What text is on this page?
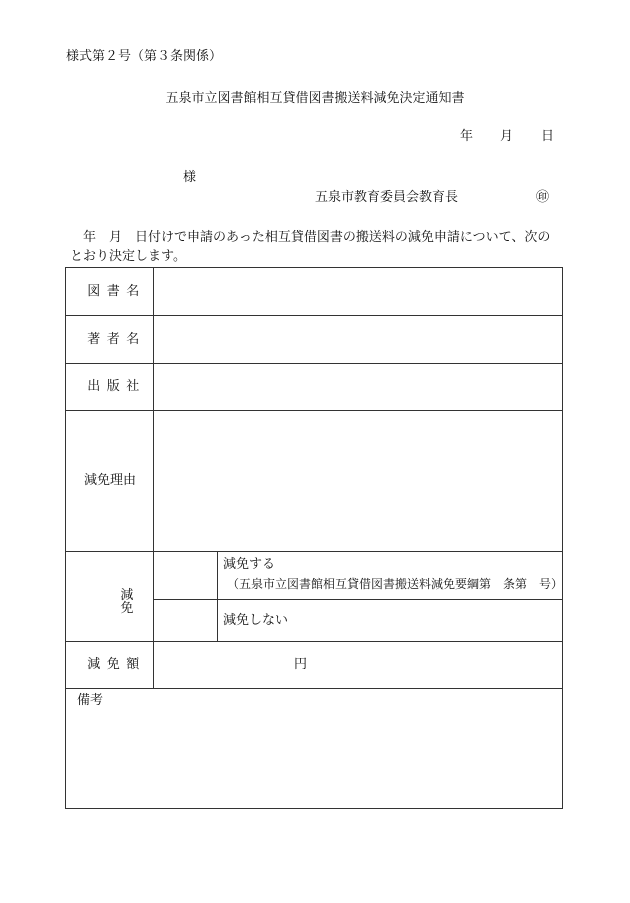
様式第２号（第３条関係）
五泉市立図書館相互貸借図書搬送料減免決定通知書
年 月 日
様
五泉市教育委員会教育長	㊞
　年　月　日付けで申請のあった相互貸借図書の搬送料の減免申請について、次の
とおり決定します。
図書名
著者名
出版社
減免理由
減免
減免額
減免する
（五泉市立図書館相互貸借図書搬送料減免要綱第　条第　号）
減免しない
円
備考
